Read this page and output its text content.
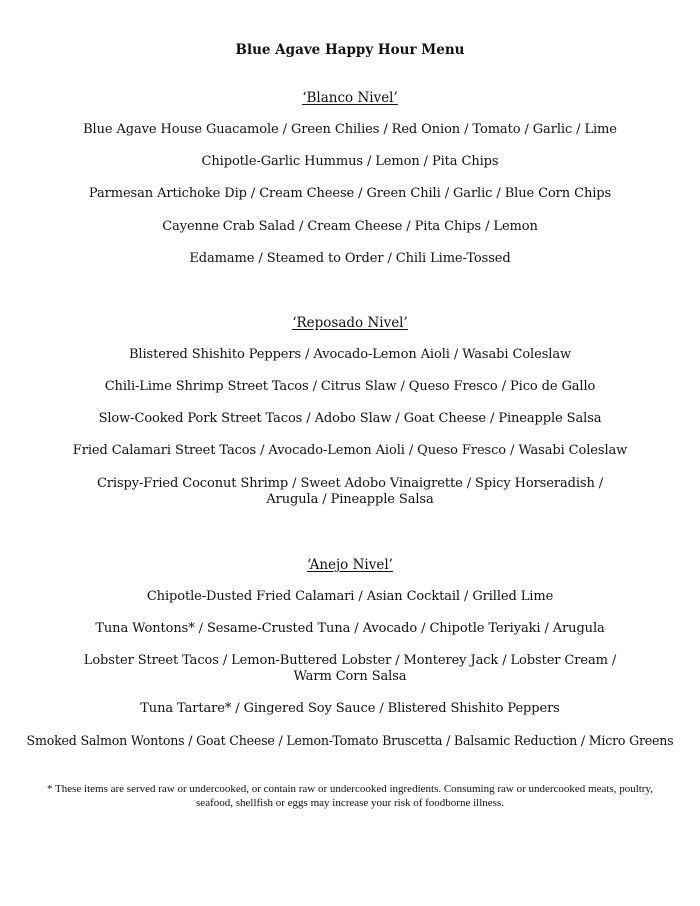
Blue Agave Happy Hour Menu
‘Blanco Nivel’
Blue Agave House Guacamole / Green Chilies / Red Onion / Tomato / Garlic / Lime
Chipotle-Garlic Hummus / Lemon / Pita Chips
Parmesan Artichoke Dip / Cream Cheese / Green Chili / Garlic / Blue Corn Chips
Cayenne Crab Salad / Cream Cheese / Pita Chips / Lemon
Edamame / Steamed to Order / Chili Lime-Tossed
‘Reposado Nivel’
Blistered Shishito Peppers / Avocado-Lemon Aioli / Wasabi Coleslaw
Chili-Lime Shrimp Street Tacos / Citrus Slaw / Queso Fresco / Pico de Gallo
Slow-Cooked Pork Street Tacos / Adobo Slaw / Goat Cheese / Pineapple Salsa
Fried Calamari Street Tacos / Avocado-Lemon Aioli / Queso Fresco / Wasabi Coleslaw
Crispy-Fried Coconut Shrimp / Sweet Adobo Vinaigrette / Spicy Horseradish /
Arugula / Pineapple Salsa
‘Anejo Nivel’
Chipotle-Dusted Fried Calamari / Asian Cocktail / Grilled Lime
Tuna Wontons* / Sesame-Crusted Tuna / Avocado / Chipotle Teriyaki / Arugula
Lobster Street Tacos / Lemon-Buttered Lobster / Monterey Jack / Lobster Cream /
Warm Corn Salsa
Tuna Tartare* / Gingered Soy Sauce / Blistered Shishito Peppers
Smoked Salmon Wontons / Goat Cheese / Lemon-Tomato Bruscetta / Balsamic Reduction / Micro Greens
* These items are served raw or undercooked, or contain raw or undercooked ingredients. Consuming raw or undercooked meats, poultry, seafood, shellfish or eggs may increase your risk of foodborne illness.
